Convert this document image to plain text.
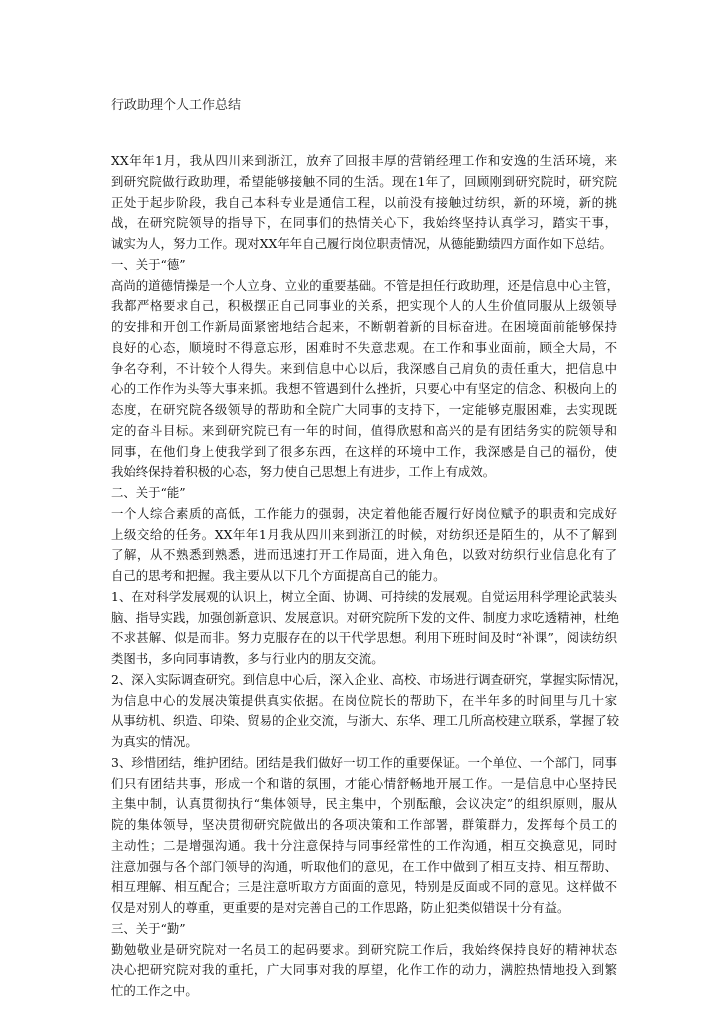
行政助理个人工作总结
XX年年1月，我从四川来到浙江，放弃了回报丰厚的营销经理工作和安逸的生活环境，来
到研究院做行政助理，希望能够接触不同的生活。现在1年了，回顾刚到研究院时，研究院
正处于起步阶段，我自己本科专业是通信工程，以前没有接触过纺织，新的环境，新的挑
战，在研究院领导的指导下，在同事们的热情关心下，我始终坚持认真学习，踏实干事，
诚实为人，努力工作。现对XX年年自己履行岗位职责情况，从德能勤绩四方面作如下总结。
一、关于“德”
高尚的道德情操是一个人立身、立业的重要基础。不管是担任行政助理，还是信息中心主管，
我都严格要求自己，积极摆正自己同事业的关系，把实现个人的人生价值同服从上级领导
的安排和开创工作新局面紧密地结合起来，不断朝着新的目标奋进。在困境面前能够保持
良好的心态，顺境时不得意忘形，困难时不失意悲观。在工作和事业面前，顾全大局，不
争名夺利，不计较个人得失。来到信息中心以后，我深感自己肩负的责任重大，把信息中
心的工作作为头等大事来抓。我想不管遇到什么挫折，只要心中有坚定的信念、积极向上的
态度，在研究院各级领导的帮助和全院广大同事的支持下，一定能够克服困难，去实现既
定的奋斗目标。来到研究院已有一年的时间，值得欣慰和高兴的是有团结务实的院领导和
同事，在他们身上使我学到了很多东西，在这样的环境中工作，我深感是自己的福份，使
我始终保持着积极的心态，努力使自己思想上有进步，工作上有成效。
二、关于“能”
一个人综合素质的高低，工作能力的强弱，决定着他能否履行好岗位赋予的职责和完成好
上级交给的任务。XX年年1月我从四川来到浙江的时候，对纺织还是陌生的，从不了解到
了解，从不熟悉到熟悉，进而迅速打开工作局面，进入角色，以致对纺织行业信息化有了
自己的思考和把握。我主要从以下几个方面提高自己的能力。
1、在对科学发展观的认识上，树立全面、协调、可持续的发展观。自觉运用科学理论武装头
脑、指导实践，加强创新意识、发展意识。对研究院所下发的文件、制度力求吃透精神，杜绝
不求甚解、似是而非。努力克服存在的以干代学思想。利用下班时间及时“补课”，阅读纺织
类图书，多向同事请教，多与行业内的朋友交流。
2、深入实际调查研究。到信息中心后，深入企业、高校、市场进行调查研究，掌握实际情况，
为信息中心的发展决策提供真实依据。在岗位院长的帮助下，在半年多的时间里与几十家
从事纺机、织造、印染、贸易的企业交流，与浙大、东华、理工几所高校建立联系，掌握了较
为真实的情况。
3、珍惜团结，维护团结。团结是我们做好一切工作的重要保证。一个单位、一个部门，同事
们只有团结共事，形成一个和谐的氛围，才能心情舒畅地开展工作。一是信息中心坚持民
主集中制，认真贯彻执行“集体领导，民主集中，个别酝酿，会议决定”的组织原则，服从
院的集体领导，坚决贯彻研究院做出的各项决策和工作部署，群策群力，发挥每个员工的
主动性；二是增强沟通。我十分注意保持与同事经常性的工作沟通，相互交换意见，同时
注意加强与各个部门领导的沟通，听取他们的意见，在工作中做到了相互支持、相互帮助、
相互理解、相互配合；三是注意听取方方面面的意见，特别是反面或不同的意见。这样做不
仅是对别人的尊重，更重要的是对完善自己的工作思路，防止犯类似错误十分有益。
三、关于“勤”
勤勉敬业是研究院对一名员工的起码要求。到研究院工作后，我始终保持良好的精神状态
决心把研究院对我的重托，广大同事对我的厚望，化作工作的动力，满腔热情地投入到繁
忙的工作之中。
